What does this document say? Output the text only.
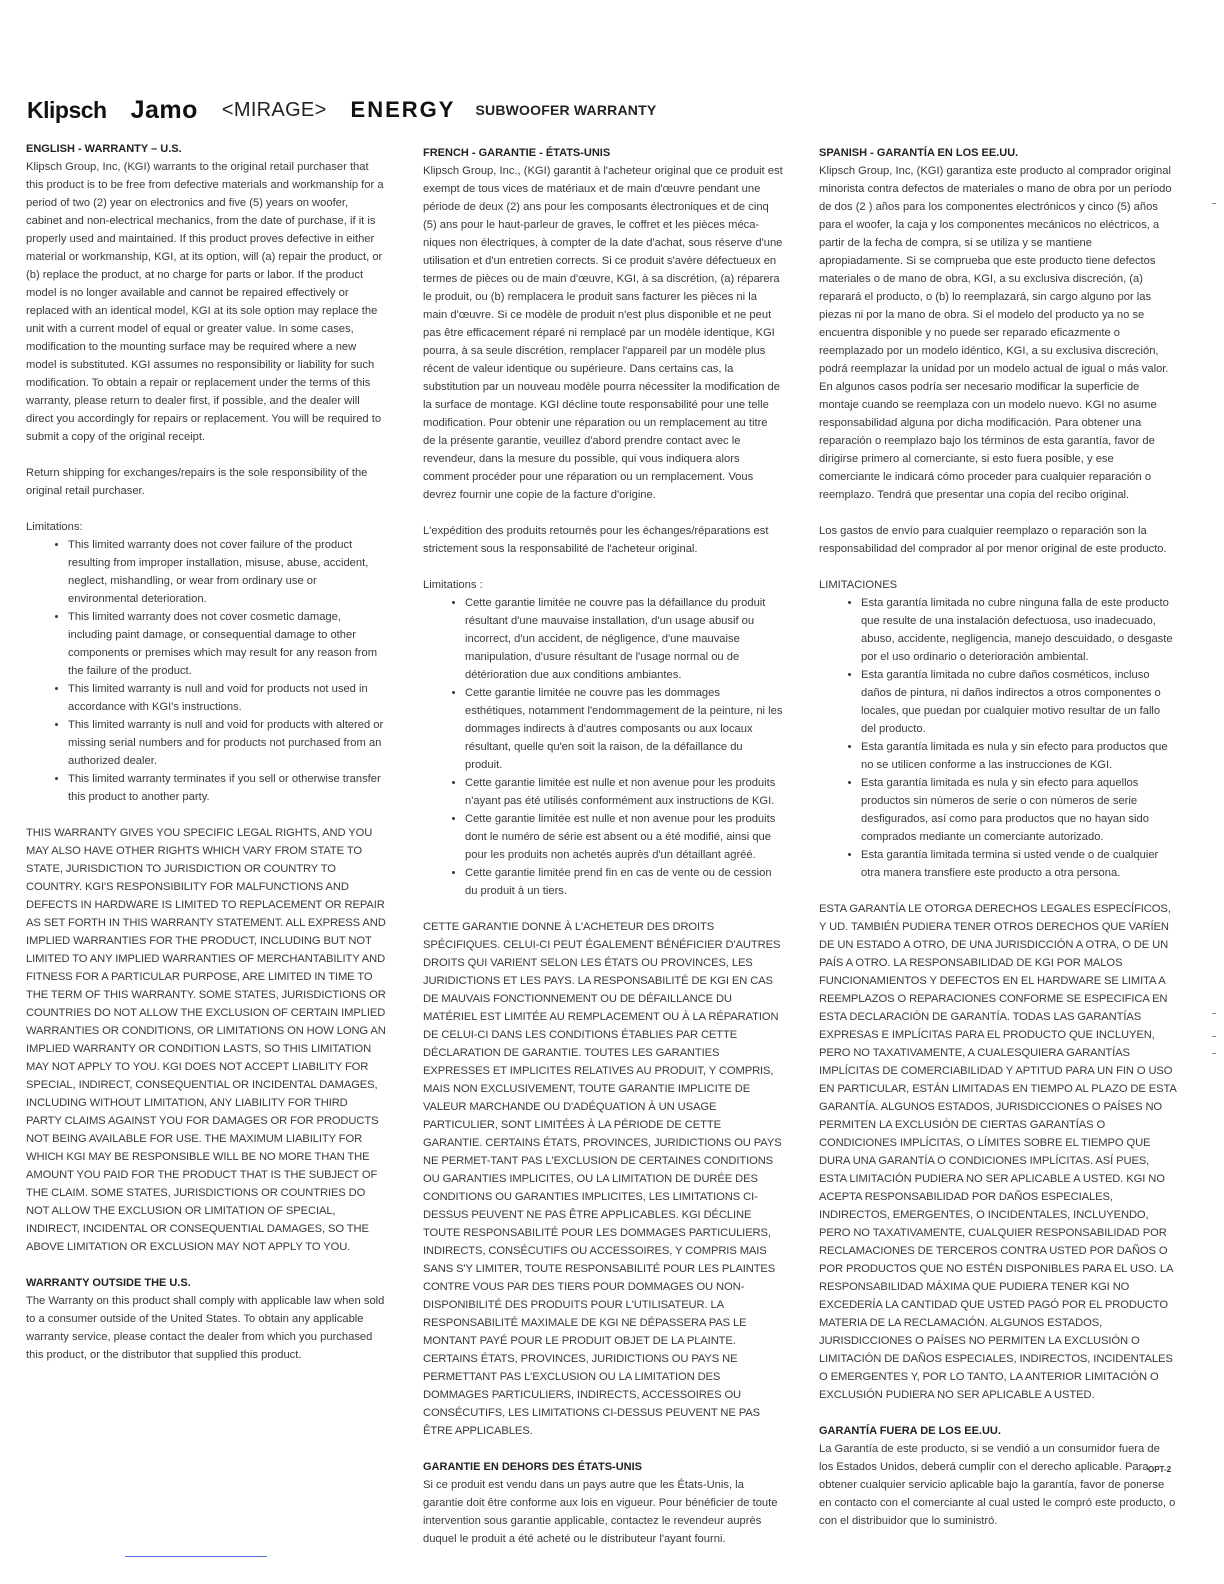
Klipsch Jamo <MIRAGE> ENERGY SUBWOOFER WARRANTY
ENGLISH - WARRANTY – U.S.

Klipsch Group, Inc, (KGI) warrants to the original retail purchaser that this product is to be free from defective materials and workmanship for a period of two (2) year on electronics and five (5) years on woofer, cabinet and non-electrical mechanics, from the date of purchase, if it is properly used and maintained. If this product proves defective in either material or workmanship, KGI, at its option, will (a) repair the product, or (b) replace the product, at no charge for parts or labor. If the product model is no longer available and cannot be repaired effectively or replaced with an identical model, KGI at its sole option may replace the unit with a current model of equal or greater value. In some cases, modification to the mounting surface may be required where a new model is substituted. KGI assumes no responsibility or liability for such modification. To obtain a repair or replacement under the terms of this warranty, please return to dealer first, if possible, and the dealer will direct you accordingly for repairs or replacement. You will be required to submit a copy of the original receipt.

Return shipping for exchanges/repairs is the sole responsibility of the original retail purchaser.

Limitations:
• This limited warranty does not cover failure of the product resulting from improper installation, misuse, abuse, accident, neglect, mishandling, or wear from ordinary use or environmental deterioration.
• This limited warranty does not cover cosmetic damage, including paint damage, or consequential damage to other components or premises which may result for any reason from the failure of the product.
• This limited warranty is null and void for products not used in accordance with KGI's instructions.
• This limited warranty is null and void for products with altered or missing serial numbers and for products not purchased from an authorized dealer.
• This limited warranty terminates if you sell or otherwise transfer this product to another party.

THIS WARRANTY GIVES YOU SPECIFIC LEGAL RIGHTS, AND YOU MAY ALSO HAVE OTHER RIGHTS WHICH VARY FROM STATE TO STATE, JURISDICTION TO JURISDICTION OR COUNTRY TO COUNTRY. KGI'S RESPONSIBILITY FOR MALFUNCTIONS AND DEFECTS IN HARDWARE IS LIMITED TO REPLACEMENT OR REPAIR AS SET FORTH IN THIS WARRANTY STATEMENT. ALL EXPRESS AND IMPLIED WARRANTIES FOR THE PRODUCT, INCLUDING BUT NOT LIMITED TO ANY IMPLIED WARRANTIES OF MERCHANTABILITY AND FITNESS FOR A PARTICULAR PURPOSE, ARE LIMITED IN TIME TO THE TERM OF THIS WARRANTY. SOME STATES, JURISDICTIONS OR COUNTRIES DO NOT ALLOW THE EXCLUSION OF CERTAIN IMPLIED WARRANTIES OR CONDITIONS, OR LIMITATIONS ON HOW LONG AN IMPLIED WARRANTY OR CONDITION LASTS, SO THIS LIMITATION MAY NOT APPLY TO YOU. KGI DOES NOT ACCEPT LIABILITY FOR SPECIAL, INDIRECT, CONSEQUENTIAL OR INCIDENTAL DAMAGES, INCLUDING WITHOUT LIMITATION, ANY LIABILITY FOR THIRD PARTY CLAIMS AGAINST YOU FOR DAMAGES OR FOR PRODUCTS NOT BEING AVAILABLE FOR USE. THE MAXIMUM LIABILITY FOR WHICH KGI MAY BE RESPONSIBLE WILL BE NO MORE THAN THE AMOUNT YOU PAID FOR THE PRODUCT THAT IS THE SUBJECT OF THE CLAIM. SOME STATES, JURISDICTIONS OR COUNTRIES DO NOT ALLOW THE EXCLUSION OR LIMITATION OF SPECIAL, INDIRECT, INCIDENTAL OR CONSEQUENTIAL DAMAGES, SO THE ABOVE LIMITATION OR EXCLUSION MAY NOT APPLY TO YOU.

WARRANTY OUTSIDE THE U.S.

The Warranty on this product shall comply with applicable law when sold to a consumer outside of the United States. To obtain any applicable warranty service, please contact the dealer from which you purchased this product, or the distributor that supplied this product.

FRENCH - GARANTIE - ÉTATS-UNIS

Klipsch Group, Inc., (KGI) garantit à l'acheteur original que ce produit est exempt de tous vices de matériaux et de main d'œuvre pendant une période de deux (2) ans pour les composants électroniques et de cinq (5) ans pour le haut-parleur de graves, le coffret et les pièces méca-niques non électriques, à compter de la date d'achat, sous réserve d'une utilisation et d'un entretien corrects. Si ce produit s'avère défectueux en termes de pièces ou de main d'œuvre, KGI, à sa discrétion, (a) réparera le produit, ou (b) remplacera le produit sans facturer les pièces ni la main d'œuvre. Si ce modèle de produit n'est plus disponible et ne peut pas être efficacement réparé ni remplacé par un modèle identique, KGI pourra, à sa seule discrétion, remplacer l'appareil par un modèle plus récent de valeur identique ou supérieure. Dans certains cas, la substitution par un nouveau modèle pourra nécessiter la modification de la surface de montage. KGI décline toute responsabilité pour une telle modification. Pour obtenir une réparation ou un remplacement au titre de la présente garantie, veuillez d'abord prendre contact avec le revendeur, dans la mesure du possible, qui vous indiquera alors comment procéder pour une réparation ou un remplacement. Vous devrez fournir une copie de la facture d'origine.

L'expédition des produits retournés pour les échanges/réparations est strictement sous la responsabilité de l'acheteur original.

Limitations :
• Cette garantie limitée ne couvre pas la défaillance du produit résultant d'une mauvaise installation, d'un usage abusif ou incorrect, d'un accident, de négligence, d'une mauvaise manipulation, d'usure résultant de l'usage normal ou de détérioration due aux conditions ambiantes.
• Cette garantie limitée ne couvre pas les dommages esthétiques, notamment l'endommagement de la peinture, ni les dommages indirects à d'autres composants ou aux locaux résultant, quelle qu'en soit la raison, de la défaillance du produit.
• Cette garantie limitée est nulle et non avenue pour les produits n'ayant pas été utilisés conformément aux instructions de KGI.
• Cette garantie limitée est nulle et non avenue pour les produits dont le numéro de série est absent ou a été modifié, ainsi que pour les produits non achetés auprès d'un détaillant agréé.
• Cette garantie limitée prend fin en cas de vente ou de cession du produit à un tiers.

CETTE GARANTIE DONNE À L'ACHETEUR DES DROITS SPÉCIFIQUES. CELUI-CI PEUT ÉGALEMENT BÉNÉFICIER D'AUTRES DROITS QUI VARIENT SELON LES ÉTATS OU PROVINCES, LES JURIDICTIONS ET LES PAYS. LA RESPONSABILITÉ DE KGI EN CAS DE MAUVAIS FONCTIONNEMENT OU DE DÉFAILLANCE DU MATÉRIEL EST LIMITÉE AU REMPLACEMENT OU À LA RÉPARATION DE CELUI-CI DANS LES CONDITIONS ÉTABLIES PAR CETTE DÉCLARATION DE GARANTIE. TOUTES LES GARANTIES EXPRESSES ET IMPLICITES RELATIVES AU PRODUIT, Y COMPRIS, MAIS NON EXCLUSIVEMENT, TOUTE GARANTIE IMPLICITE DE VALEUR MARCHANDE OU D'ADÉQUATION À UN USAGE PARTICULIER, SONT LIMITÉES À LA PÉRIODE DE CETTE GARANTIE. CERTAINS ÉTATS, PROVINCES, JURIDICTIONS OU PAYS NE PERMET-TANT PAS L'EXCLUSION DE CERTAINES CONDITIONS OU GARANTIES IMPLICITES, OU LA LIMITATION DE DURÉE DES CONDITIONS OU GARANTIES IMPLICITES, LES LIMITATIONS CI-DESSUS PEUVENT NE PAS ÊTRE APPLICABLES. KGI DÉCLINE TOUTE RESPONSABILITÉ POUR LES DOMMAGES PARTICULIERS, INDIRECTS, CONSÉCUTIFS OU ACCESSOIRES, Y COMPRIS MAIS SANS S'Y LIMITER, TOUTE RESPONSABILITÉ POUR LES PLAINTES CONTRE VOUS PAR DES TIERS POUR DOMMAGES OU NON-DISPONIBILITÉ DES PRODUITS POUR L'UTILISATEUR. LA RESPONSABILITÉ MAXIMALE DE KGI NE DÉPASSERA PAS LE MONTANT PAYÉ POUR LE PRODUIT OBJET DE LA PLAINTE. CERTAINS ÉTATS, PROVINCES, JURIDICTIONS OU PAYS NE PERMETTANT PAS L'EXCLUSION OU LA LIMITATION DES DOMMAGES PARTICULIERS, INDIRECTS, ACCESSOIRES OU CONSÉCUTIFS, LES LIMITATIONS CI-DESSUS PEUVENT NE PAS ÊTRE APPLICABLES.

GARANTIE EN DEHORS DES ÉTATS-UNIS

Si ce produit est vendu dans un pays autre que les États-Unis, la garantie doit être conforme aux lois en vigueur. Pour bénéficier de toute intervention sous garantie applicable, contactez le revendeur auprès duquel le produit a été acheté ou le distributeur l'ayant fourni.

SPANISH - GARANTÍA EN LOS EE.UU.

Klipsch Group, Inc, (KGI) garantiza este producto al comprador original minorista contra defectos de materiales o mano de obra por un período de dos (2 ) años para los componentes electrónicos y cinco (5) años para el woofer, la caja y los componentes mecánicos no eléctricos, a partir de la fecha de compra, si se utiliza y se mantiene apropiadamente. Si se comprueba que este producto tiene defectos materiales o de mano de obra, KGI, a su exclusiva discreción, (a) reparará el producto, o (b) lo reemplazará, sin cargo alguno por las piezas ni por la mano de obra. Si el modelo del producto ya no se encuentra disponible y no puede ser reparado eficazmente o reemplazado por un modelo idéntico, KGI, a su exclusiva discreción, podrá reemplazar la unidad por un modelo actual de igual o más valor. En algunos casos podría ser necesario modificar la superficie de montaje cuando se reemplaza con un modelo nuevo. KGI no asume responsabilidad alguna por dicha modificación. Para obtener una reparación o reemplazo bajo los términos de esta garantía, favor de dirigirse primero al comerciante, si esto fuera posible, y ese comerciante le indicará cómo proceder para cualquier reparación o reemplazo. Tendrá que presentar una copia del recibo original.

Los gastos de envío para cualquier reemplazo o reparación son la responsabilidad del comprador al por menor original de este producto.

LIMITACIONES
• Esta garantía limitada no cubre ninguna falla de este producto que resulte de una instalación defectuosa, uso inadecuado, abuso, accidente, negligencia, manejo descuidado, o desgaste por el uso ordinario o deterioración ambiental.
• Esta garantía limitada no cubre daños cosméticos, incluso daños de pintura, ni daños indirectos a otros componentes o locales, que puedan por cualquier motivo resultar de un fallo del producto.
• Esta garantía limitada es nula y sin efecto para productos que no se utilicen conforme a las instrucciones de KGI.
• Esta garantía limitada es nula y sin efecto para aquellos productos sin números de serie o con números de serie desfigurados, así como para productos que no hayan sido comprados mediante un comerciante autorizado.
• Esta garantía limitada termina si usted vende o de cualquier otra manera transfiere este producto a otra persona.

ESTA GARANTÍA LE OTORGA DERECHOS LEGALES ESPECÍFICOS, Y UD. TAMBIÉN PUDIERA TENER OTROS DERECHOS QUE VARÍEN DE UN ESTADO A OTRO, DE UNA JURISDICCIÓN A OTRA, O DE UN PAÍS A OTRO. LA RESPONSABILIDAD DE KGI POR MALOS FUNCIONAMIENTOS Y DEFECTOS EN EL HARDWARE SE LIMITA A REEMPLAZOS O REPARACIONES CONFORME SE ESPECIFICA EN ESTA DECLARACIÓN DE GARANTÍA. TODAS LAS GARANTÍAS EXPRESAS E IMPLÍCITAS PARA EL PRODUCTO QUE INCLUYEN, PERO NO TAXATIVAMENTE, A CUALESQUIERA GARANTÍAS IMPLÍCITAS DE COMERCIABILIDAD Y APTITUD PARA UN FIN O USO EN PARTICULAR, ESTÁN LIMITADAS EN TIEMPO AL PLAZO DE ESTA GARANTÍA. ALGUNOS ESTADOS, JURISDICCIONES O PAÍSES NO PERMITEN LA EXCLUSIÓN DE CIERTAS GARANTÍAS O CONDICIONES IMPLÍCITAS, O LÍMITES SOBRE EL TIEMPO QUE DURA UNA GARANTÍA O CONDICIONES IMPLÍCITAS. ASÍ PUES, ESTA LIMITACIÓN PUDIERA NO SER APLICABLE A USTED. KGI NO ACEPTA RESPONSABILIDAD POR DAÑOS ESPECIALES, INDIRECTOS, EMERGENTES, O INCIDENTALES, INCLUYENDO, PERO NO TAXATIVAMENTE, CUALQUIER RESPONSABILIDAD POR RECLAMACIONES DE TERCEROS CONTRA USTED POR DAÑOS O POR PRODUCTOS QUE NO ESTÉN DISPONIBLES PARA EL USO. LA RESPONSABILIDAD MÁXIMA QUE PUDIERA TENER KGI NO EXCEDERÍA LA CANTIDAD QUE USTED PAGÓ POR EL PRODUCTO MATERIA DE LA RECLAMACIÓN. ALGUNOS ESTADOS, JURISDICCIONES O PAÍSES NO PERMITEN LA EXCLUSIÓN O LIMITACIÓN DE DAÑOS ESPECIALES, INDIRECTOS, INCIDENTALES O EMERGENTES Y, POR LO TANTO, LA ANTERIOR LIMITACIÓN O EXCLUSIÓN PUDIERA NO SER APLICABLE A USTED.

GARANTÍA FUERA DE LOS EE.UU.

La Garantía de este producto, si se vendió a un consumidor fuera de los Estados Unidos, deberá cumplir con el derecho aplicable. Para obtener cualquier servicio aplicable bajo la garantía, favor de ponerse en contacto con el comerciante al cual usted le compró este producto, o con el distribuidor que lo suministró.

OPT-2
